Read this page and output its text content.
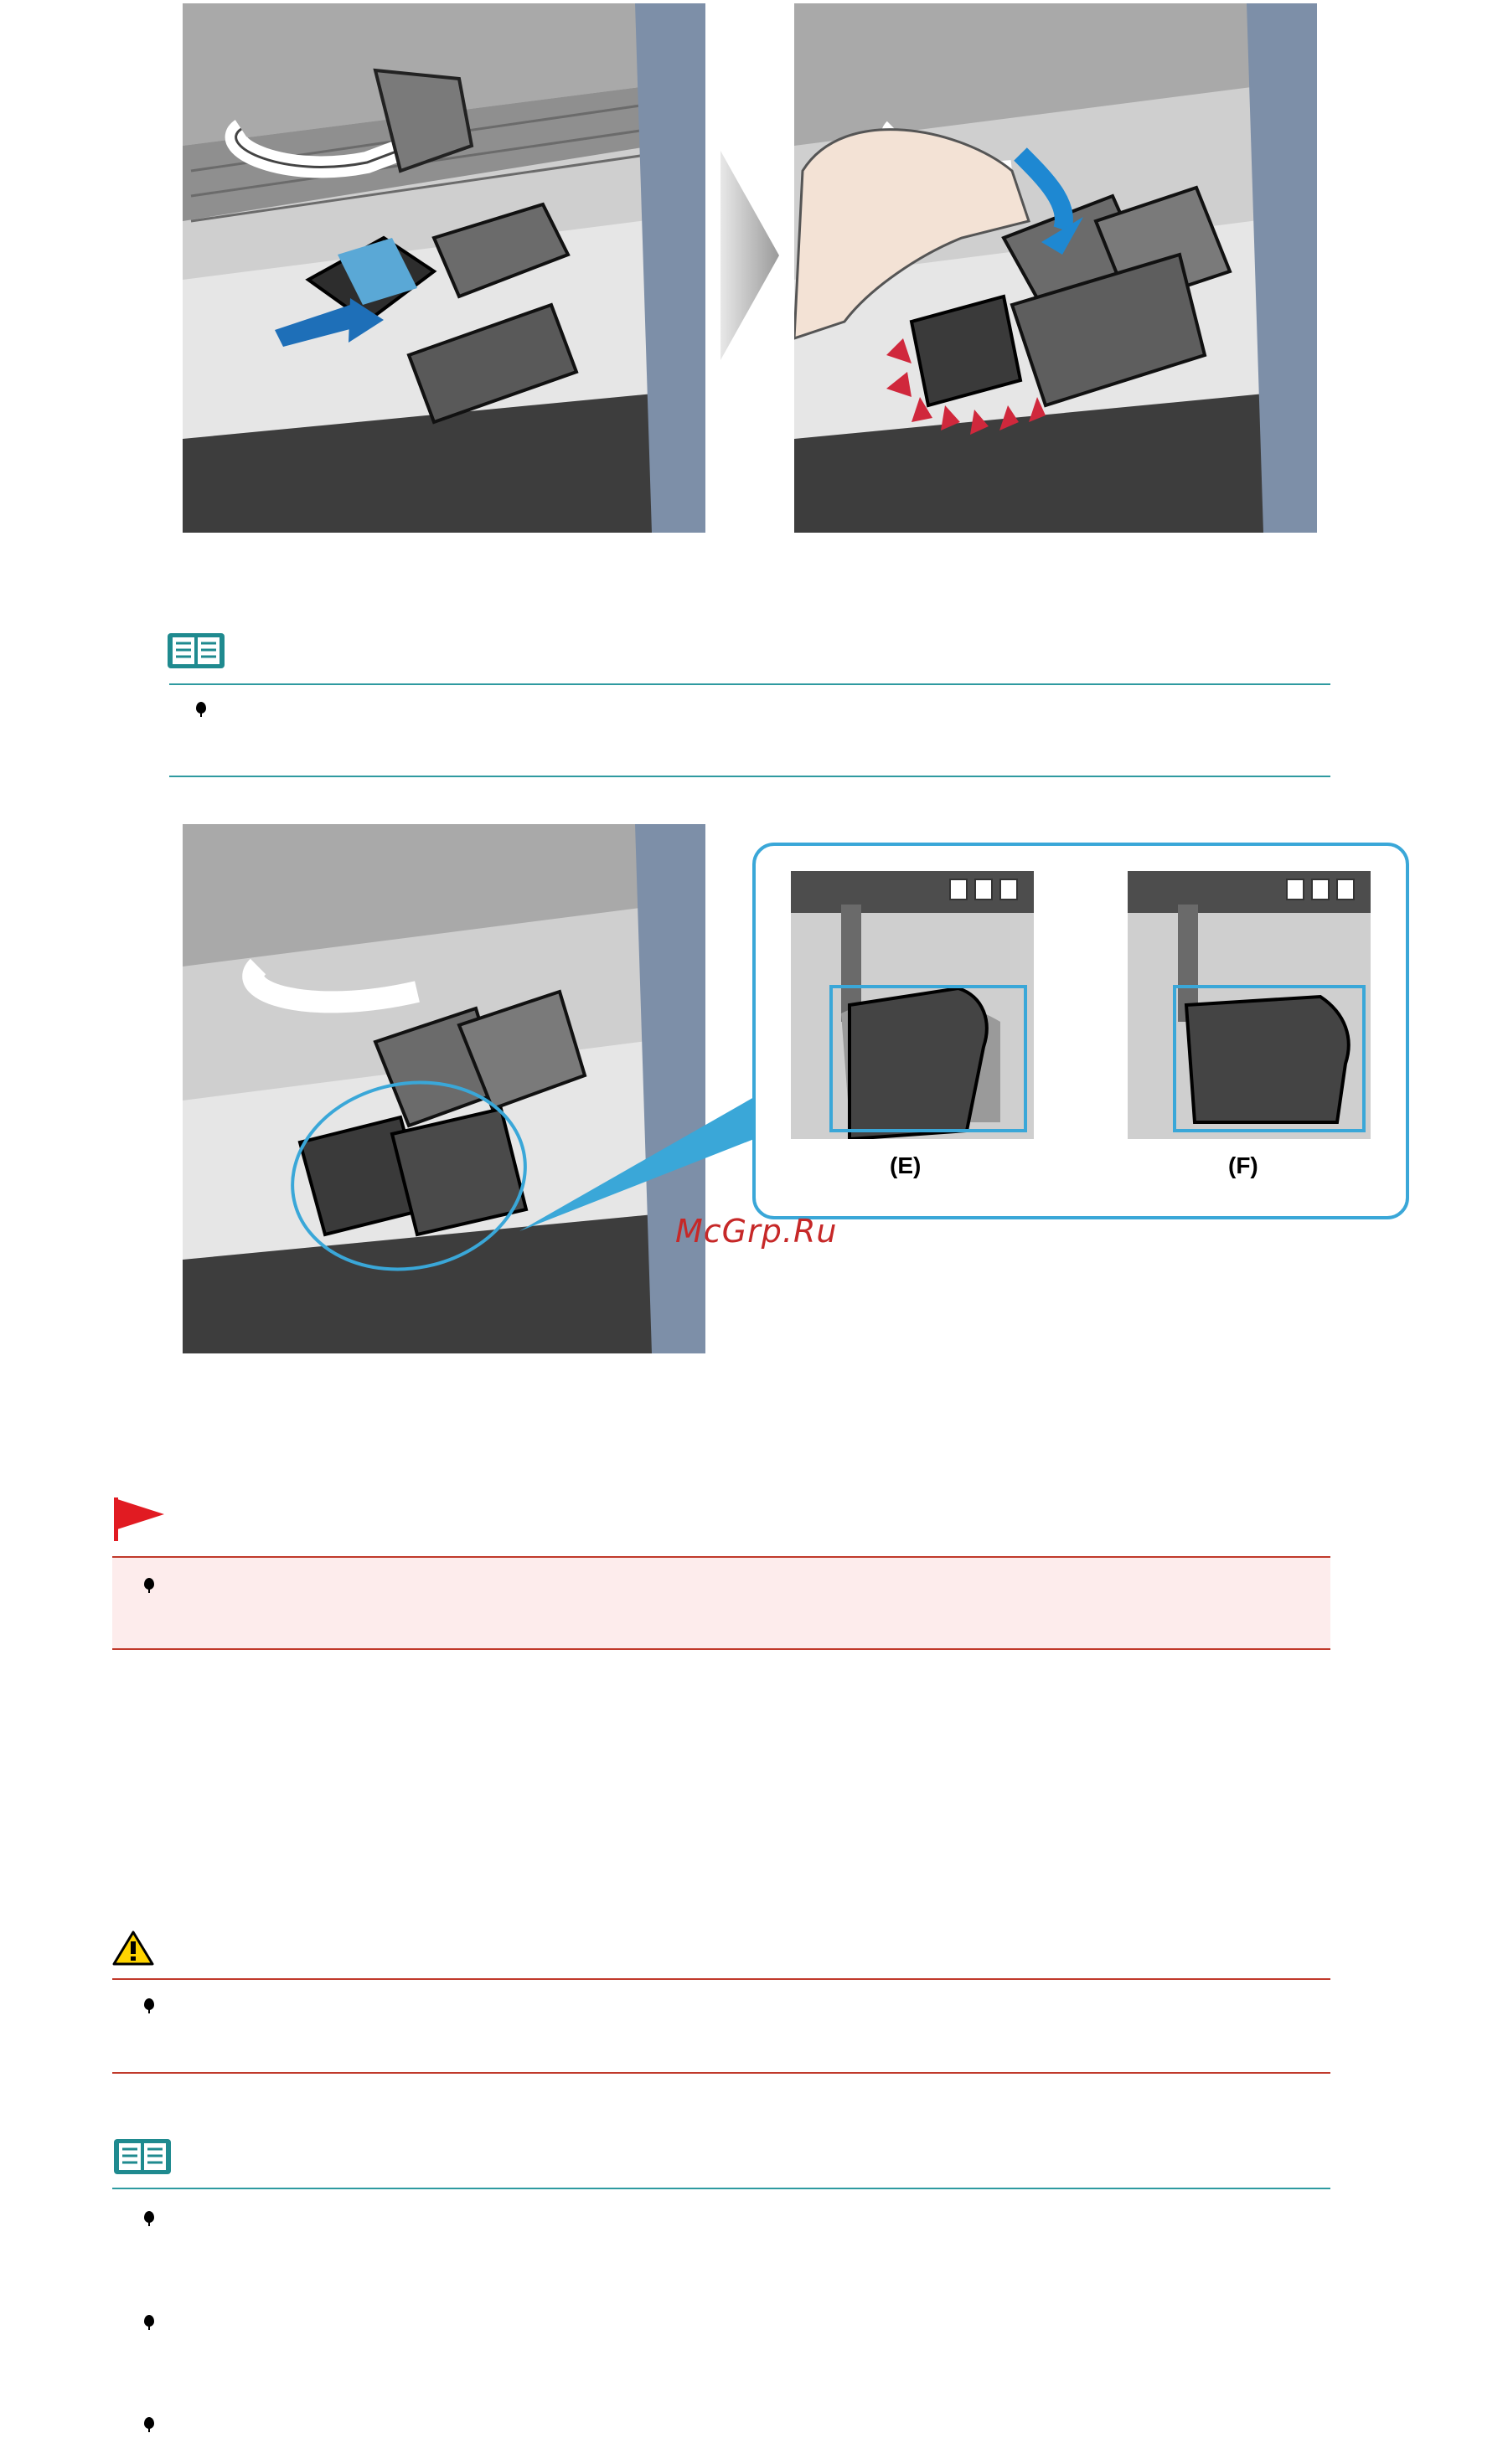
(E)	(F)
McGrp.Ru
